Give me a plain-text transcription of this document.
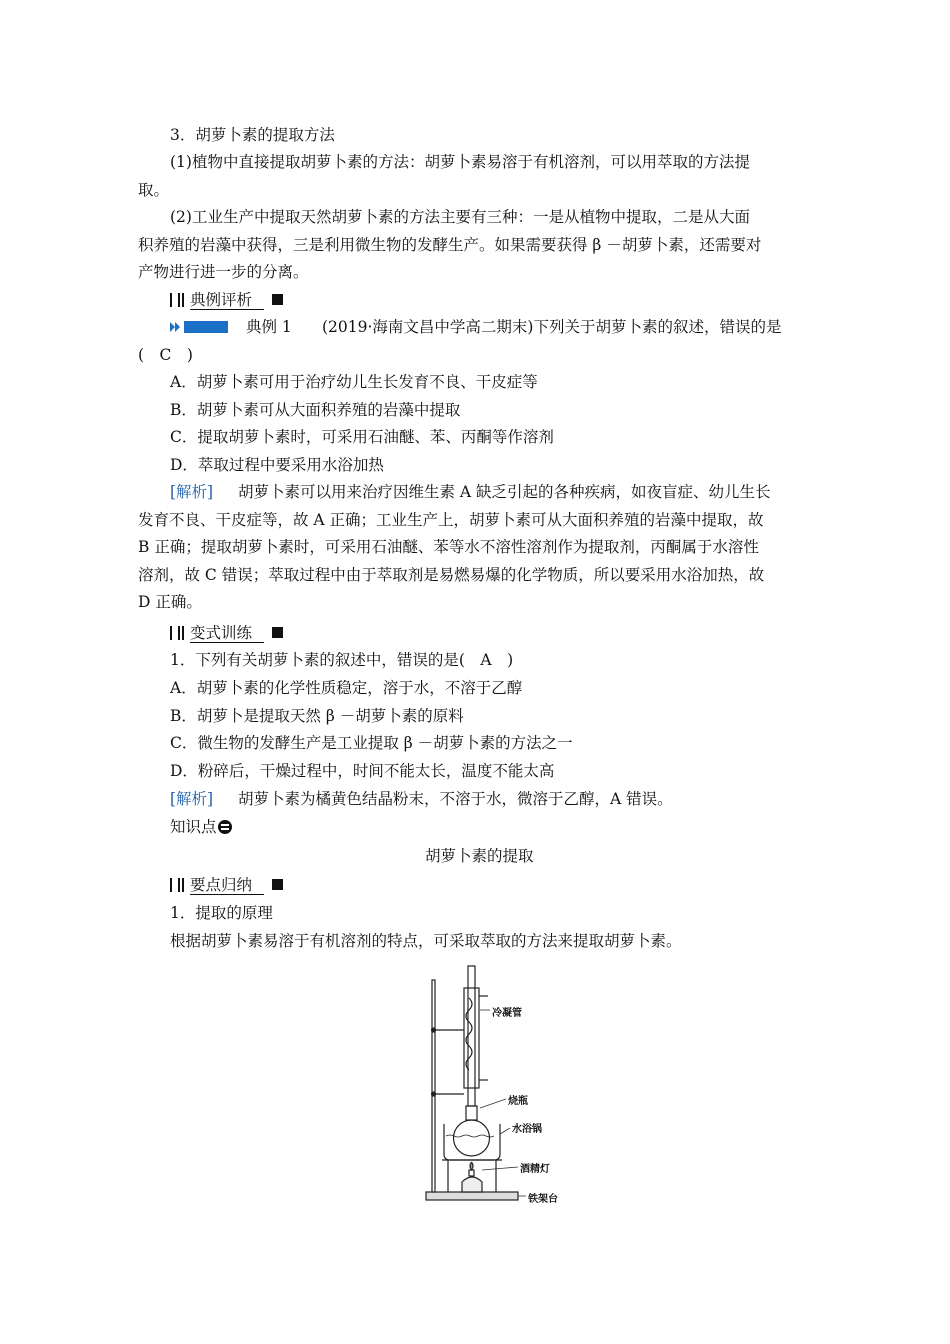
3．胡萝卜素的提取方法
(1)植物中直接提取胡萝卜素的方法：胡萝卜素易溶于有机溶剂，可以用萃取的方法提
取。
(2)工业生产中提取天然胡萝卜素的方法主要有三种：一是从植物中提取，二是从大面
积养殖的岩藻中获得，三是利用微生物的发酵生产。如果需要获得 β －胡萝卜素，还需要对
产物进行进一步的分离。
典例评析
典例 1 (2019·海南文昌中学高二期末)下列关于胡萝卜素的叙述，错误的是
(　C　)
A．胡萝卜素可用于治疗幼儿生长发育不良、干皮症等
B．胡萝卜素可从大面积养殖的岩藻中提取
C．提取胡萝卜素时，可采用石油醚、苯、丙酮等作溶剂
D．萃取过程中要采用水浴加热
[解析] 胡萝卜素可以用来治疗因维生素 A 缺乏引起的各种疾病，如夜盲症、幼儿生长
发育不良、干皮症等，故 A 正确；工业生产上，胡萝卜素可从大面积养殖的岩藻中提取，故
B 正确；提取胡萝卜素时，可采用石油醚、苯等水不溶性溶剂作为提取剂，丙酮属于水溶性
溶剂，故 C 错误；萃取过程中由于萃取剂是易燃易爆的化学物质，所以要采用水浴加热，故
D 正确。
变式训练
1．下列有关胡萝卜素的叙述中，错误的是(　A　)
A．胡萝卜素的化学性质稳定，溶于水，不溶于乙醇
B．胡萝卜是提取天然 β －胡萝卜素的原料
C．微生物的发酵生产是工业提取 β －胡萝卜素的方法之一
D．粉碎后，干燥过程中，时间不能太长，温度不能太高
[解析] 胡萝卜素为橘黄色结晶粉末，不溶于水，微溶于乙醇，A 错误。
知识点
胡萝卜素的提取
要点归纳
1．提取的原理
根据胡萝卜素易溶于有机溶剂的特点，可采取萃取的方法来提取胡萝卜素。
冷凝管
烧瓶
水浴锅
酒精灯
铁架台
